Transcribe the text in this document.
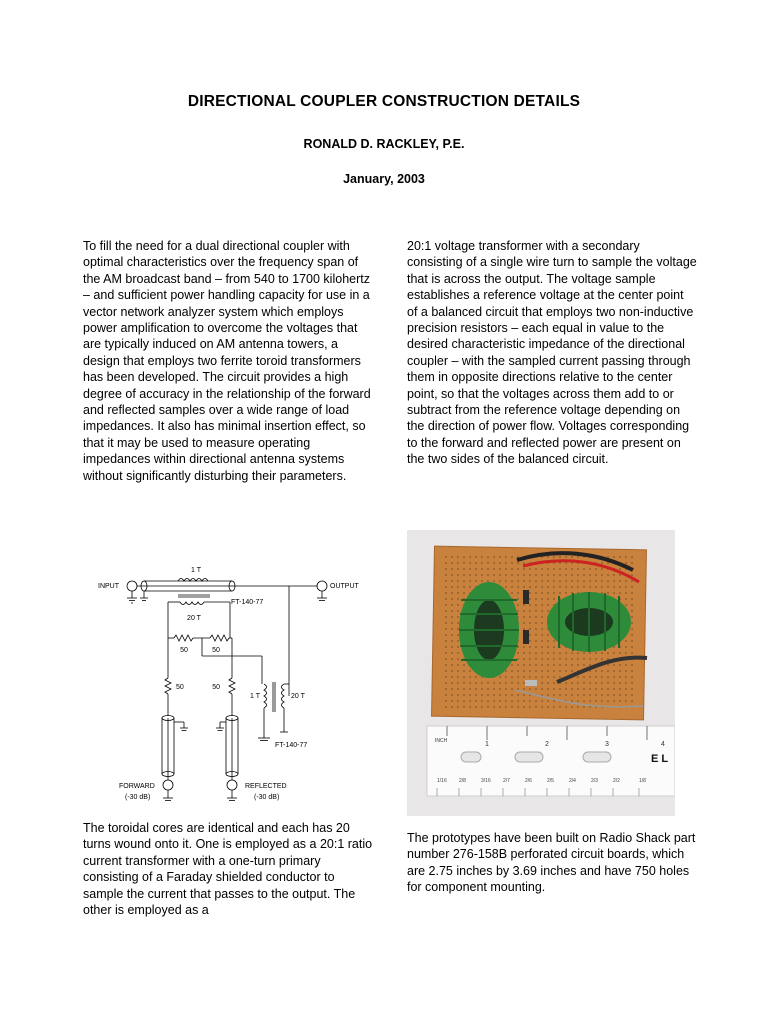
DIRECTIONAL COUPLER CONSTRUCTION DETAILS
RONALD D. RACKLEY, P.E.
January, 2003

To fill the need for a dual directional coupler with optimal characteristics over the frequency span of the AM broadcast band – from 540 to 1700 kilohertz – and sufficient power handling capacity for use in a vector network analyzer system which employs power amplification to overcome the voltages that are typically induced on AM antenna towers, a design that employs two ferrite toroid transformers has been developed. The circuit provides a high degree of accuracy in the relationship of the forward and reflected samples over a wide range of load impedances. It also has minimal insertion effect, so that it may be used to measure operating impedances within directional antenna systems without significantly disturbing their parameters.

20:1 voltage transformer with a secondary consisting of a single wire turn to sample the voltage that is across the output. The voltage sample establishes a reference voltage at the center point of a balanced circuit that employs two non-inductive precision resistors – each equal in value to the desired characteristic impedance of the directional coupler – with the sampled current passing through them in opposite directions relative to the center point, so that the voltages across them add to or subtract from the reference voltage depending on the direction of power flow. Voltages corresponding to the forward and reflected power are present on the two sides of the balanced circuit.

The toroidal cores are identical and each has 20 turns wound onto it. One is employed as a 20:1 ratio current transformer with a one-turn primary consisting of a Faraday shielded conductor to sample the current that passes to the output. The other is employed as a

The prototypes have been built on Radio Shack part number 276-158B perforated circuit boards, which are 2.75 inches by 3.69 inches and have 750 holes for component mounting.

INPUT	OUTPUT
1 T
20 T
FT-140-77
50	50
50	50
1 T	20 T
FT-140-77
FORWARD
(-30 dB)
REFLECTED
(-30 dB)
INCH	1	2	3	4
E L
1/16 2/8	3/16 2/7	2/6	2/5	2/4	2/3	2/2	1/8
